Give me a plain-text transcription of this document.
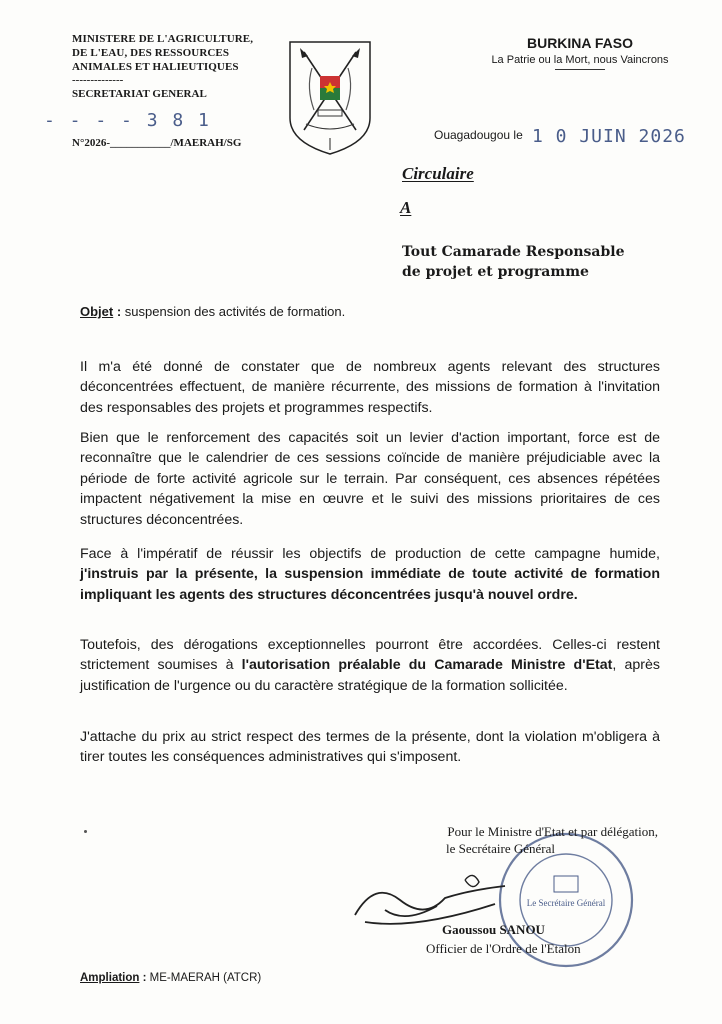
MINISTERE DE L'AGRICULTURE,
DE L'EAU, DES RESSOURCES
ANIMALES ET HALIEUTIQUES
--------------
SECRETARIAT GENERAL
- - - - 3 8 1
N°2026-___________/MAERAH/SG
BURKINA FASO
La Patrie ou la Mort, nous Vaincrons
Ouagadougou le 1 0 JUIN 2026
Circulaire
A
Tout Camarade Responsable
de projet et programme
Objet : suspension des activités de formation.
Il m'a été donné de constater que de nombreux agents relevant des structures déconcentrées effectuent, de manière récurrente, des missions de formation à l'invitation des responsables des projets et programmes respectifs.
Bien que le renforcement des capacités soit un levier d'action important, force est de reconnaître que le calendrier de ces sessions coïncide de manière préjudiciable avec la période de forte activité agricole sur le terrain. Par conséquent, ces absences répétées impactent négativement la mise en œuvre et le suivi des missions prioritaires de ces structures déconcentrées.
Face à l'impératif de réussir les objectifs de production de cette campagne humide, j'instruis par la présente, la suspension immédiate de toute activité de formation impliquant les agents des structures déconcentrées jusqu'à nouvel ordre.
Toutefois, des dérogations exceptionnelles pourront être accordées. Celles-ci restent strictement soumises à l'autorisation préalable du Camarade Ministre d'Etat, après justification de l'urgence ou du caractère stratégique de la formation sollicitée.
J'attache du prix au strict respect des termes de la présente, dont la violation m'obligera à tirer toutes les conséquences administratives qui s'imposent.
Le Secrétaire Général
Pour le Ministre d'Etat et par délégation,
le Secrétaire Général
Gaoussou SANOU
Officier de l'Ordre de l'Etalon
Ampliation : ME-MAERAH (ATCR)
